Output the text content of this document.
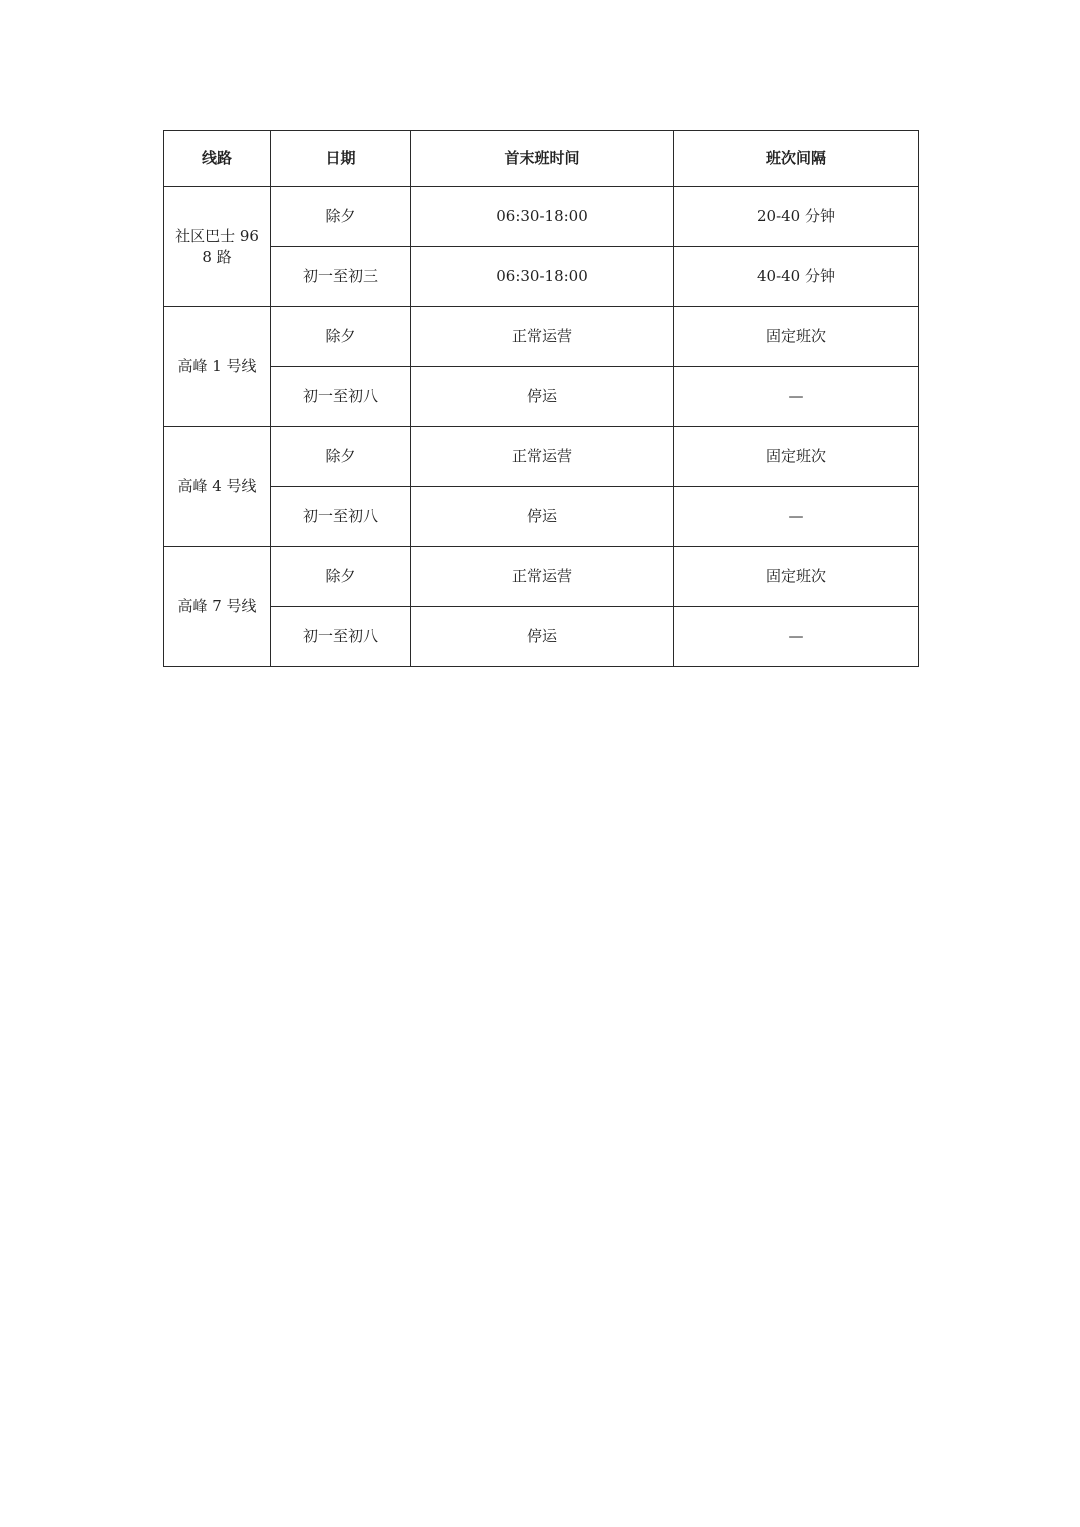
线路	日期	首末班时间	班次间隔
社区巴士 968 路	除夕	06:30-18:00	20-40 分钟
	初一至初三	06:30-18:00	40-40 分钟
高峰 1 号线	除夕	正常运营	固定班次
	初一至初八	停运	—
高峰 4 号线	除夕	正常运营	固定班次
	初一至初八	停运	—
高峰 7 号线	除夕	正常运营	固定班次
	初一至初八	停运	—
